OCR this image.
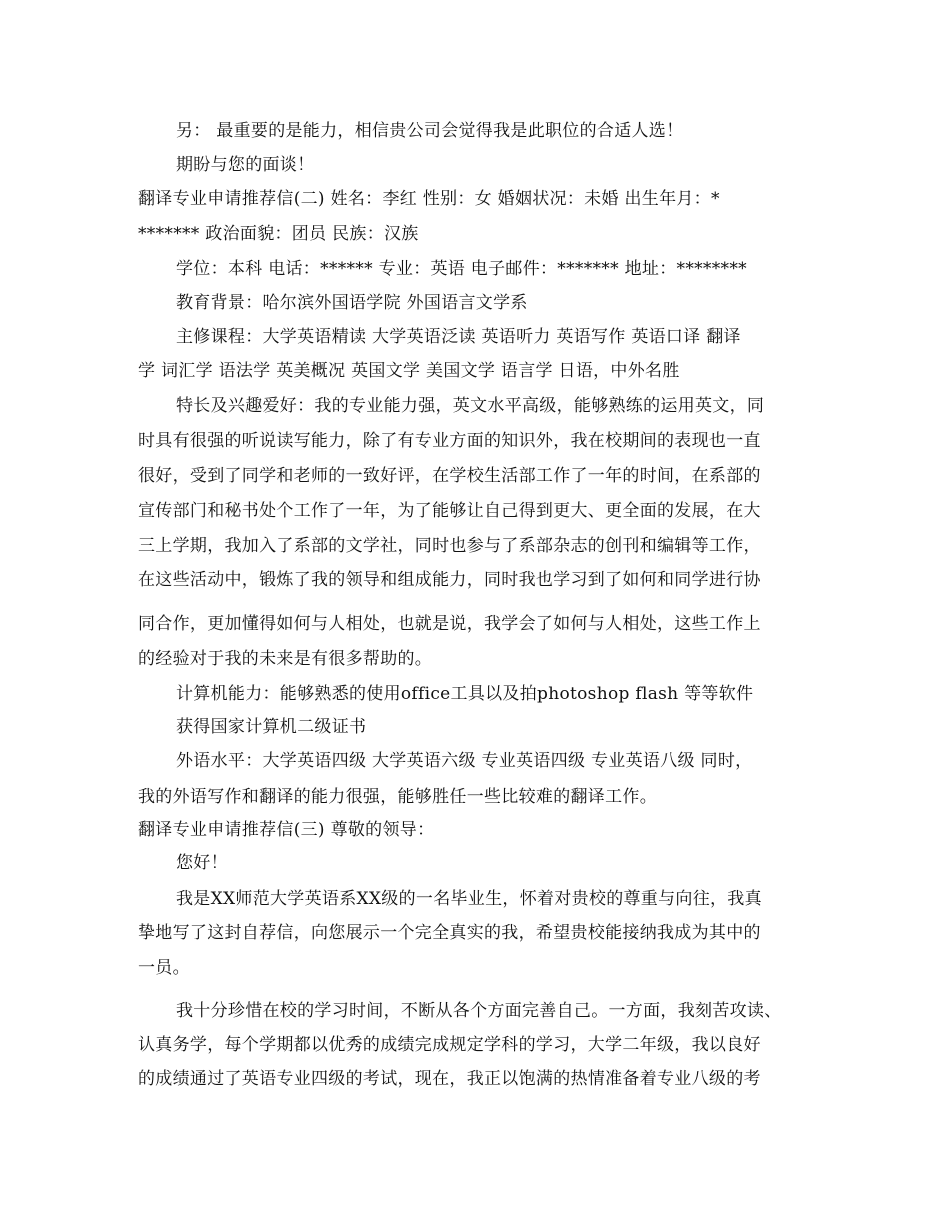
另： 最重要的是能力，相信贵公司会觉得我是此职位的合适人选！
期盼与您的面谈！
翻译专业申请推荐信(二) 姓名：李红 性别：女 婚姻状况：未婚 出生年月：*
******* 政治面貌：团员 民族：汉族
学位：本科 电话：****** 专业：英语 电子邮件：******* 地址：********
教育背景：哈尔滨外国语学院 外国语言文学系
主修课程：大学英语精读 大学英语泛读 英语听力 英语写作 英语口译 翻译
学 词汇学 语法学 英美概况 英国文学 美国文学 语言学 日语，中外名胜
特长及兴趣爱好：我的专业能力强，英文水平高级，能够熟练的运用英文，同
时具有很强的听说读写能力，除了有专业方面的知识外，我在校期间的表现也一直
很好，受到了同学和老师的一致好评，在学校生活部工作了一年的时间，在系部的
宣传部门和秘书处个工作了一年，为了能够让自己得到更大、更全面的发展，在大
三上学期，我加入了系部的文学社，同时也参与了系部杂志的创刊和编辑等工作，
在这些活动中，锻炼了我的领导和组成能力，同时我也学习到了如何和同学进行协
同合作，更加懂得如何与人相处，也就是说，我学会了如何与人相处，这些工作上
的经验对于我的未来是有很多帮助的。
计算机能力：能够熟悉的使用office工具以及拍photoshop flash 等等软件
获得国家计算机二级证书
外语水平：大学英语四级 大学英语六级 专业英语四级 专业英语八级 同时，
我的外语写作和翻译的能力很强，能够胜任一些比较难的翻译工作。
翻译专业申请推荐信(三) 尊敬的领导：
您好！
我是XX师范大学英语系XX级的一名毕业生，怀着对贵校的尊重与向往，我真
挚地写了这封自荐信，向您展示一个完全真实的我，希望贵校能接纳我成为其中的
一员。
我十分珍惜在校的学习时间，不断从各个方面完善自己。一方面，我刻苦攻读、
认真务学，每个学期都以优秀的成绩完成规定学科的学习，大学二年级，我以良好
的成绩通过了英语专业四级的考试，现在，我正以饱满的热情准备着专业八级的考
